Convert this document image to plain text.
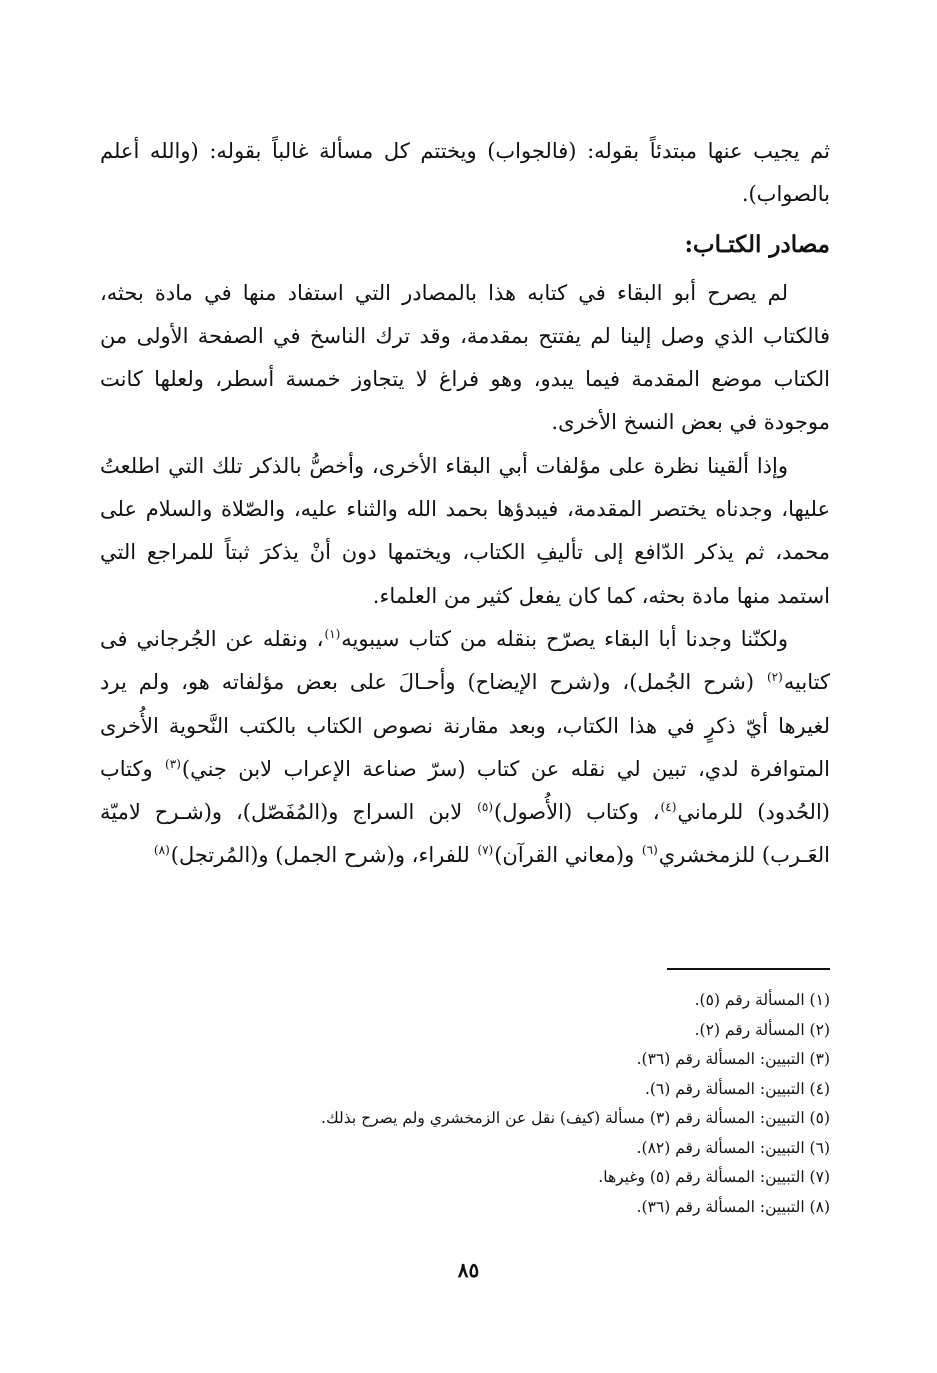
ثم يجيب عنها مبتدئاً بقوله: (فالجواب) ويختتم كل مسألة غالباً بقوله: (والله أعلم بالصواب).

مصادر الكتـاب:

لم يصرح أبو البقاء في كتابه هذا بالمصادر التي استفاد منها في مادة بحثه، فالكتاب الذي وصل إلينا لم يفتتح بمقدمة، وقد ترك الناسخ في الصفحة الأولى من الكتاب موضع المقدمة فيما يبدو، وهو فراغ لا يتجاوز خمسة أسطر، ولعلها كانت موجودة في بعض النسخ الأخرى.

وإذا ألقينا نظرة على مؤلفات أبي البقاء الأخرى، وأخصُّ بالذكر تلك التي اطلعتُ عليها، وجدناه يختصر المقدمة، فيبدؤها بحمد الله والثناء عليه، والصّلاة والسلام على محمد، ثم يذكر الدّافع إلى تأليفِ الكتاب، ويختمها دون أنْ يذكرَ ثبتاً للمراجع التي استمد منها مادة بحثه، كما كان يفعل كثير من العلماء.

ولكنّنا وجدنا أبا البقاء يصرّح بنقله من كتاب سيبويه$^{(١)}$، ونقله عن الجُرجاني فى كتابيه$^{(٢)}$ (شرح الجُمل)، و(شرح الإيضاح) وأحـالَ على بعض مؤلفاته هو، ولم يرد لغيرها أيّ ذكرٍ في هذا الكتاب، وبعد مقارنة نصوص الكتاب بالكتب النَّحوية الأُخرى المتوافرة لدي، تبين لي نقله عن كتاب (سرّ صناعة الإعراب لابن جني)$^{(٣)}$ وكتاب (الحُدود) للرماني$^{(٤)}$، وكتاب (الأُصول)$^{(٥)}$ لابن السراج و(المُفَصّل)، و(شـرح لاميّة العَـرب) للزمخشري$^{(٦)}$ و(معاني القرآن)$^{(٧)}$ للفراء، و(شرح الجمل) و(المُرتجل)$^{(٨)}$

(١) المسألة رقم (٥).
(٢) المسألة رقم (٢).
(٣) التبيين: المسألة رقم (٣٦).
(٤) التبيين: المسألة رقم (٦).
(٥) التبيين: المسألة رقم (٣) مسألة (كيف) نقل عن الزمخشري ولم يصرح بذلك.
(٦) التبيين: المسألة رقم (٨٢).
(٧) التبيين: المسألة رقم (٥) وغيرها.
(٨) التبيين: المسألة رقم (٣٦).
٨٥
